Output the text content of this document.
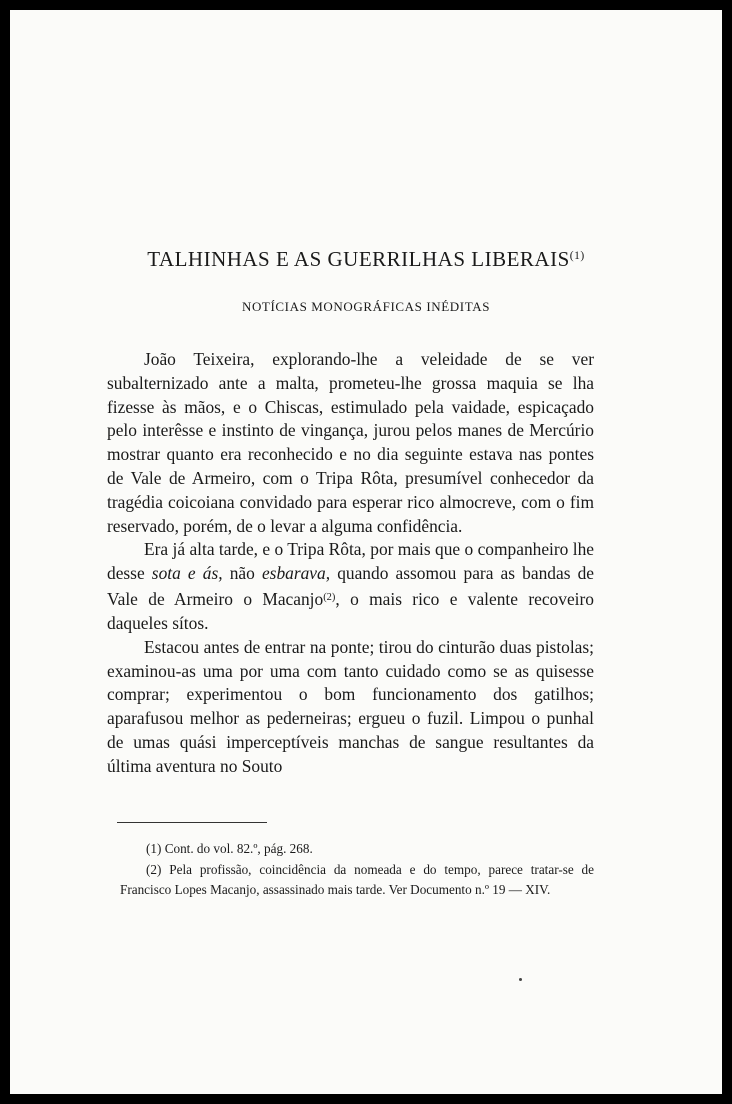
TALHINHAS E AS GUERRILHAS LIBERAIS$^{(1)}$
NOTÍCIAS MONOGRÁFICAS INÉDITAS

João Teixeira, explorando-lhe a veleidade de se ver subalternizado ante a malta, prometeu-lhe grossa maquia se lha fizesse às mãos, e o Chiscas, estimulado pela vaidade, espicaçado pelo interêsse e instinto de vingança, jurou pelos manes de Mercúrio mostrar quanto era reconhecido e no dia seguinte estava nas pontes de Vale de Armeiro, com o Tripa Rôta, presumível conhecedor da tragédia coicoiana convidado para esperar rico almocreve, com o fim reservado, porém, de o levar a alguma confidência.

Era já alta tarde, e o Tripa Rôta, por mais que o companheiro lhe desse sota e ás, não esbarava, quando assomou para as bandas de Vale de Armeiro o Macanjo$^{(2)}$, o mais rico e valente recoveiro daqueles sítos.

Estacou antes de entrar na ponte; tirou do cinturão duas pistolas; examinou-as uma por uma com tanto cuidado como se as quisesse comprar; experimentou o bom funcionamento dos gatilhos; aparafusou melhor as pederneiras; ergueu o fuzil. Limpou o punhal de umas quási imperceptíveis manchas de sangue resultantes da última aventura no Souto

(1) Cont. do vol. 82.º, pág. 268.

(2) Pela profissão, coincidência da nomeada e do tempo, parece tratar-se de Francisco Lopes Macanjo, assassinado mais tarde. Ver Documento n.º 19 — XIV.
